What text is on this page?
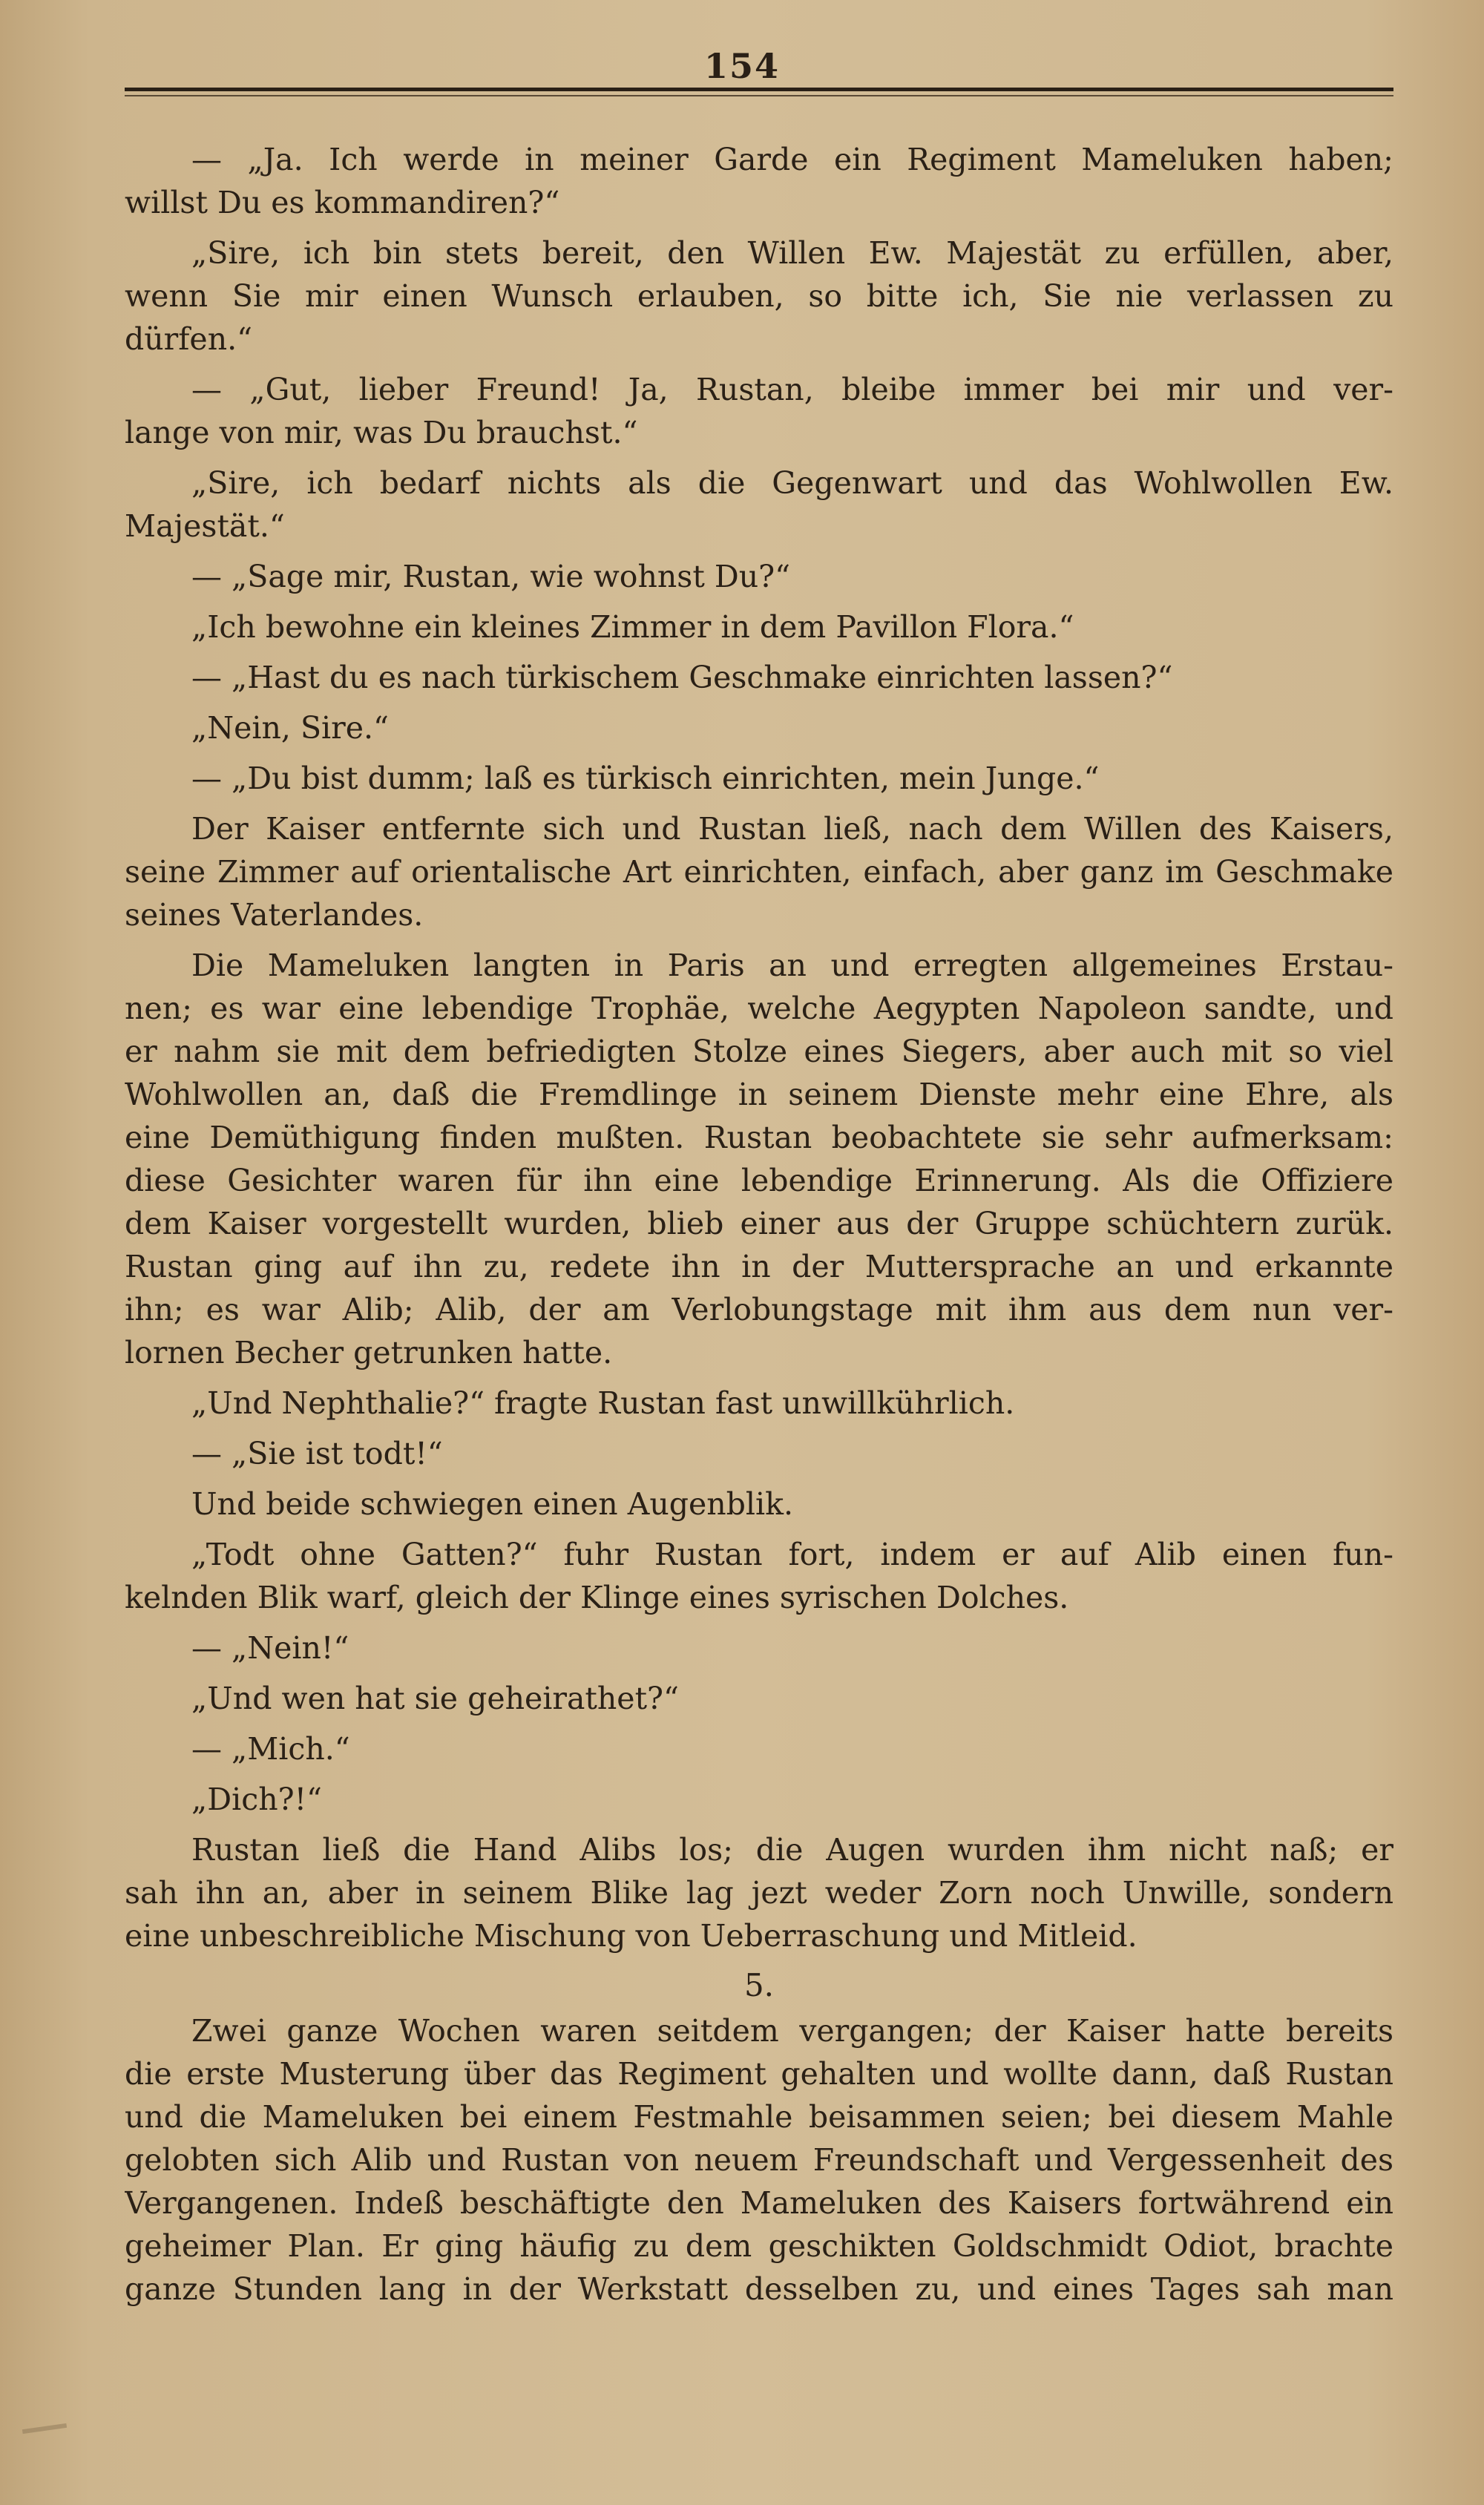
154
— „Ja. Ich werde in meiner Garde ein Regiment Mameluken haben;
willst Du es kommandiren?“
„Sire, ich bin stets bereit, den Willen Ew. Majestät zu erfüllen, aber,
wenn Sie mir einen Wunsch erlauben, so bitte ich, Sie nie verlassen zu
dürfen.“
— „Gut, lieber Freund! Ja, Rustan, bleibe immer bei mir und ver-
lange von mir, was Du brauchst.“
„Sire, ich bedarf nichts als die Gegenwart und das Wohlwollen Ew.
Majestät.“
— „Sage mir, Rustan, wie wohnst Du?“
„Ich bewohne ein kleines Zimmer in dem Pavillon Flora.“
— „Hast du es nach türkischem Geschmake einrichten lassen?“
„Nein, Sire.“
— „Du bist dumm; laß es türkisch einrichten, mein Junge.“
Der Kaiser entfernte sich und Rustan ließ, nach dem Willen des Kaisers,
seine Zimmer auf orientalische Art einrichten, einfach, aber ganz im Geschmake
seines Vaterlandes.
Die Mameluken langten in Paris an und erregten allgemeines Erstau-
nen; es war eine lebendige Trophäe, welche Aegypten Napoleon sandte, und
er nahm sie mit dem befriedigten Stolze eines Siegers, aber auch mit so viel
Wohlwollen an, daß die Fremdlinge in seinem Dienste mehr eine Ehre, als
eine Demüthigung finden mußten. Rustan beobachtete sie sehr aufmerksam:
diese Gesichter waren für ihn eine lebendige Erinnerung. Als die Offiziere
dem Kaiser vorgestellt wurden, blieb einer aus der Gruppe schüchtern zurük.
Rustan ging auf ihn zu, redete ihn in der Muttersprache an und erkannte
ihn; es war Alib; Alib, der am Verlobungstage mit ihm aus dem nun ver-
lornen Becher getrunken hatte.
„Und Nephthalie?“ fragte Rustan fast unwillkührlich.
— „Sie ist todt!“
Und beide schwiegen einen Augenblik.
„Todt ohne Gatten?“ fuhr Rustan fort, indem er auf Alib einen fun-
kelnden Blik warf, gleich der Klinge eines syrischen Dolches.
— „Nein!“
„Und wen hat sie geheirathet?“
— „Mich.“
„Dich?!“
Rustan ließ die Hand Alibs los; die Augen wurden ihm nicht naß; er
sah ihn an, aber in seinem Blike lag jezt weder Zorn noch Unwille, sondern
eine unbeschreibliche Mischung von Ueberraschung und Mitleid.
5.
Zwei ganze Wochen waren seitdem vergangen; der Kaiser hatte bereits
die erste Musterung über das Regiment gehalten und wollte dann, daß Rustan
und die Mameluken bei einem Festmahle beisammen seien; bei diesem Mahle
gelobten sich Alib und Rustan von neuem Freundschaft und Vergessenheit des
Vergangenen. Indeß beschäftigte den Mameluken des Kaisers fortwährend ein
geheimer Plan. Er ging häufig zu dem geschikten Goldschmidt Odiot, brachte
ganze Stunden lang in der Werkstatt desselben zu, und eines Tages sah man
